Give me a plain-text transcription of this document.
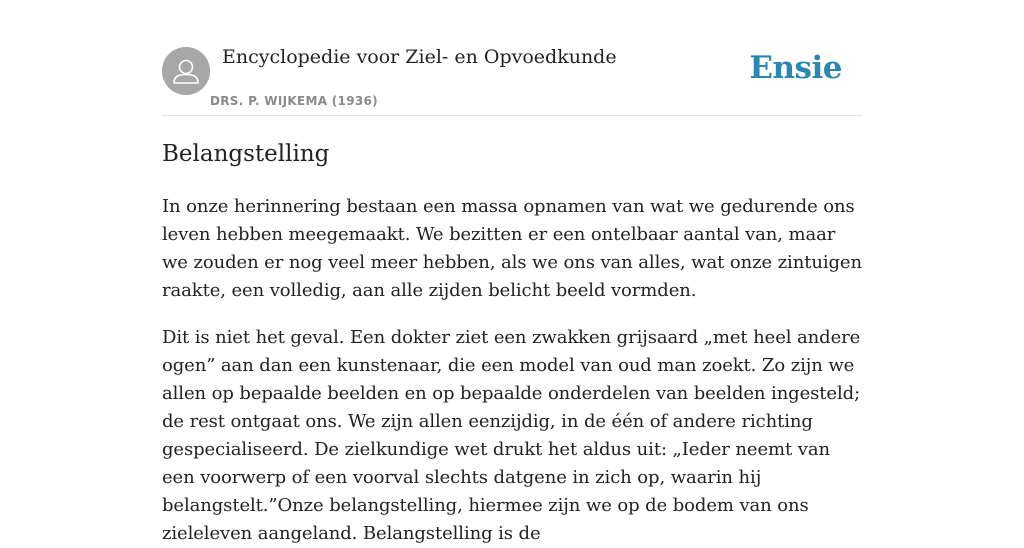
Encyclopedie voor Ziel- en Opvoedkunde
DRS. P. WIJKEMA (1936)
Ensie
Belangstelling

In onze herinnering bestaan een massa opnamen van wat we gedurende ons leven hebben meegemaakt. We bezitten er een ontelbaar aantal van, maar we zouden er nog veel meer hebben, als we ons van alles, wat onze zintuigen raakte, een volledig, aan alle zijden belicht beeld vormden.

Dit is niet het geval. Een dokter ziet een zwakken grijsaard „met heel andere ogen” aan dan een kunstenaar, die een model van oud man zoekt. Zo zijn we allen op bepaalde beelden en op bepaalde onderdelen van beelden ingesteld; de rest ontgaat ons. We zijn allen eenzijdig, in de één of andere richting gespecialiseerd. De zielkundige wet drukt het aldus uit: „Ieder neemt van een voorwerp of een voorval slechts datgene in zich op, waarin hij belangstelt.”Onze belangstelling, hiermee zijn we op de bodem van ons zieleleven aangeland. Belangstelling is de
